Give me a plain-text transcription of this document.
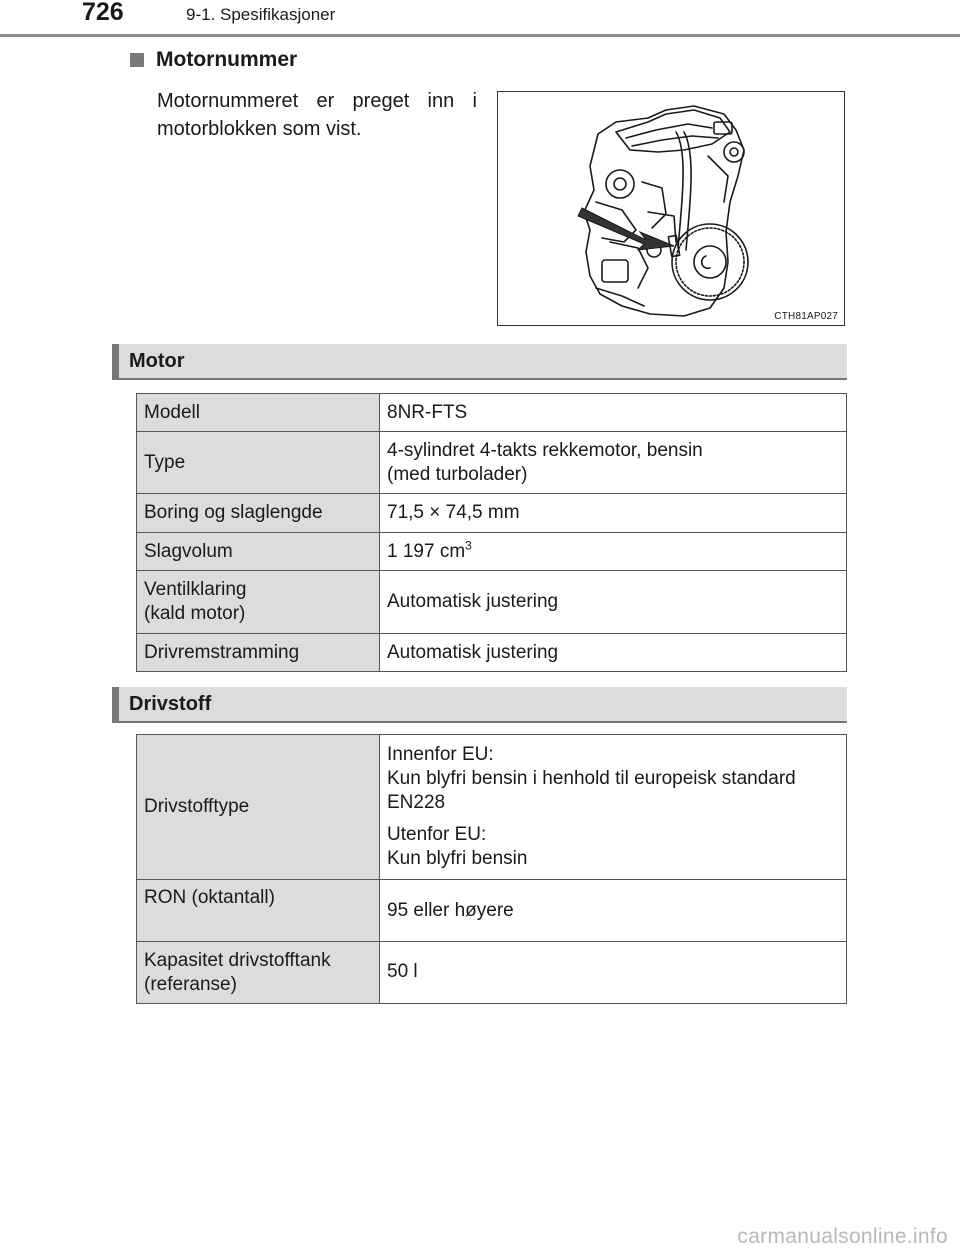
726	9-1. Spesifikasjoner
Motornummer
Motornummeret er preget inn i motorblokken som vist.
CTH81AP027
Motor
Modell	8NR-FTS
Type	4-sylindret 4-takts rekkemotor, bensin
(med turbolader)

Boring og slaglengde	71,5 × 74,5 mm
Slagvolum	1 197 $cm^3$

Ventilklaring
(kald motor)	Automatisk justering
Drivremstramming	Automatisk justering
Drivstoff
Drivstofftype	Innenfor EU:
Kun blyfri bensin i henhold til europeisk standard EN228
Utenfor EU:
Kun blyfri bensin

RON (oktantall)	95 eller høyere

Kapasitet drivstofftank
(referanse)	50 l
carmanualsonline.info
